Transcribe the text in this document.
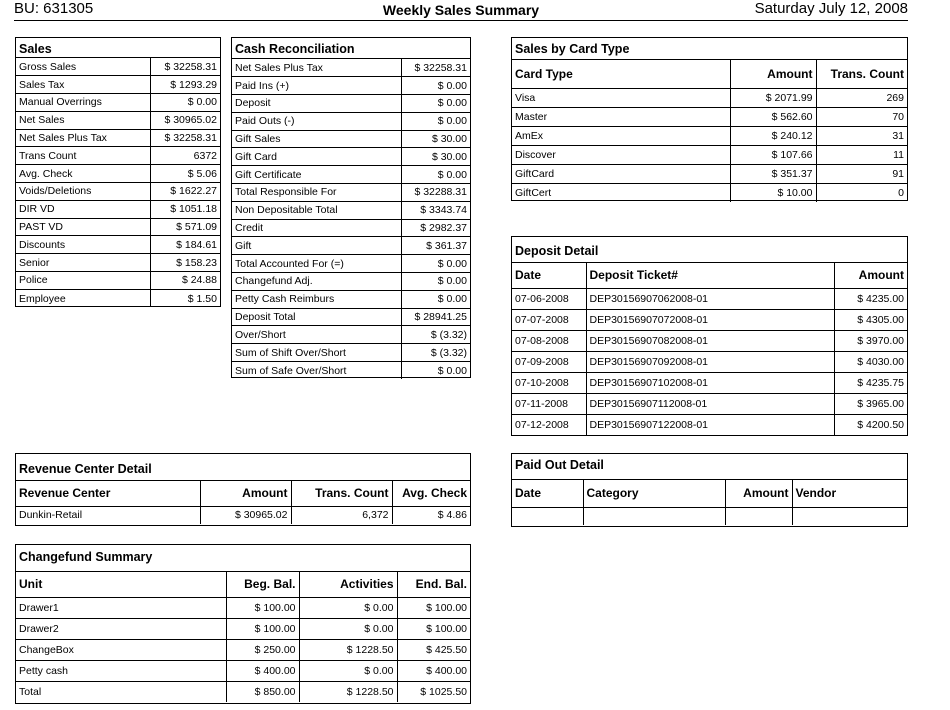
BU: 631305	Weekly Sales Summary	Saturday July 12, 2008
Sales
Gross Sales	$ 32258.31
Sales Tax	$ 1293.29
Manual Overrings	$ 0.00
Net Sales	$ 30965.02
Net Sales Plus Tax	$ 32258.31
Trans Count	6372
Avg. Check	$ 5.06
Voids/Deletions	$ 1622.27
DIR VD	$ 1051.18
PAST VD	$ 571.09
Discounts	$ 184.61
Senior	$ 158.23
Police	$ 24.88
Employee	$ 1.50
Cash Reconciliation
Net Sales Plus Tax	$ 32258.31
Paid Ins (+)	$ 0.00
Deposit	$ 0.00
Paid Outs (-)	$ 0.00
Gift Sales	$ 30.00
Gift Card	$ 30.00
Gift Certificate	$ 0.00
Total Responsible For	$ 32288.31
Non Depositable Total	$ 3343.74
Credit	$ 2982.37
Gift	$ 361.37
Total Accounted For (=)	$ 0.00
Changefund Adj.	$ 0.00
Petty Cash Reimburs	$ 0.00
Deposit Total	$ 28941.25
Over/Short	$ (3.32)
Sum of Shift Over/Short	$ (3.32)
Sum of Safe Over/Short	$ 0.00
Sales by Card Type
Card Type	Amount	Trans. Count
Visa	$ 2071.99	269
Master	$ 562.60	70
AmEx	$ 240.12	31
Discover	$ 107.66	11
GiftCard	$ 351.37	91
GiftCert	$ 10.00	0
Deposit Detail
Date	Deposit Ticket#	Amount
07-06-2008	DEP30156907062008-01	$ 4235.00
07-07-2008	DEP30156907072008-01	$ 4305.00
07-08-2008	DEP30156907082008-01	$ 3970.00
07-09-2008	DEP30156907092008-01	$ 4030.00
07-10-2008	DEP30156907102008-01	$ 4235.75
07-11-2008	DEP30156907112008-01	$ 3965.00
07-12-2008	DEP30156907122008-01	$ 4200.50
Revenue Center Detail
Revenue Center	Amount	Trans. Count	Avg. Check
Dunkin-Retail	$ 30965.02	6,372	$ 4.86
Paid Out Detail
Date	Category	Amount	Vendor

Changefund Summary
Unit	Beg. Bal.	Activities	End. Bal.
Drawer1	$ 100.00	$ 0.00	$ 100.00
Drawer2	$ 100.00	$ 0.00	$ 100.00
ChangeBox	$ 250.00	$ 1228.50	$ 425.50
Petty cash	$ 400.00	$ 0.00	$ 400.00
Total	$ 850.00	$ 1228.50	$ 1025.50
